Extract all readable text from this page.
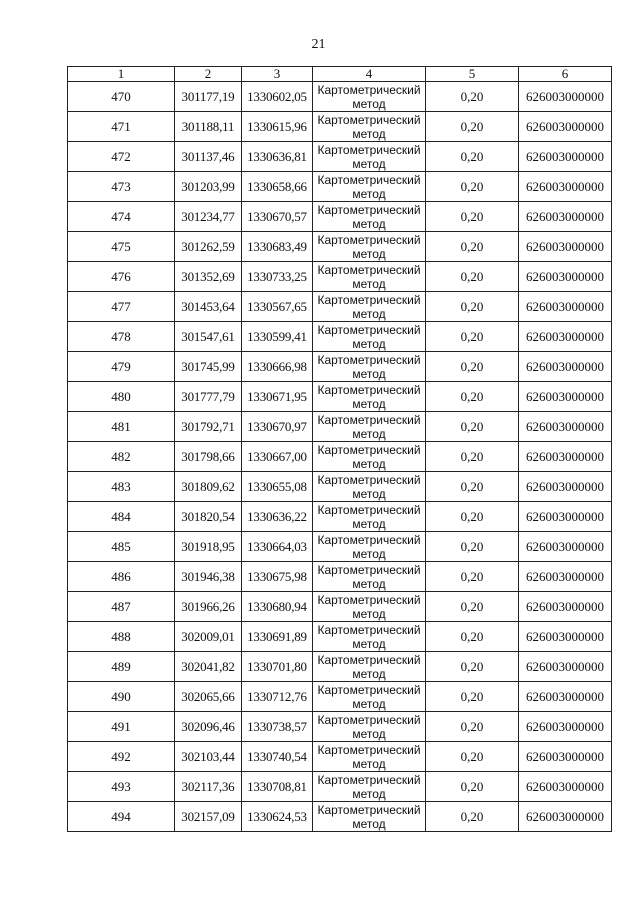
21
1	2	3	4	5	6
470	301177,19	1330602,05	Картометрический метод	0,20	626003000000
471	301188,11	1330615,96	Картометрический метод	0,20	626003000000
472	301137,46	1330636,81	Картометрический метод	0,20	626003000000
473	301203,99	1330658,66	Картометрический метод	0,20	626003000000
474	301234,77	1330670,57	Картометрический метод	0,20	626003000000
475	301262,59	1330683,49	Картометрический метод	0,20	626003000000
476	301352,69	1330733,25	Картометрический метод	0,20	626003000000
477	301453,64	1330567,65	Картометрический метод	0,20	626003000000
478	301547,61	1330599,41	Картометрический метод	0,20	626003000000
479	301745,99	1330666,98	Картометрический метод	0,20	626003000000
480	301777,79	1330671,95	Картометрический метод	0,20	626003000000
481	301792,71	1330670,97	Картометрический метод	0,20	626003000000
482	301798,66	1330667,00	Картометрический метод	0,20	626003000000
483	301809,62	1330655,08	Картометрический метод	0,20	626003000000
484	301820,54	1330636,22	Картометрический метод	0,20	626003000000
485	301918,95	1330664,03	Картометрический метод	0,20	626003000000
486	301946,38	1330675,98	Картометрический метод	0,20	626003000000
487	301966,26	1330680,94	Картометрический метод	0,20	626003000000
488	302009,01	1330691,89	Картометрический метод	0,20	626003000000
489	302041,82	1330701,80	Картометрический метод	0,20	626003000000
490	302065,66	1330712,76	Картометрический метод	0,20	626003000000
491	302096,46	1330738,57	Картометрический метод	0,20	626003000000
492	302103,44	1330740,54	Картометрический метод	0,20	626003000000
493	302117,36	1330708,81	Картометрический метод	0,20	626003000000
494	302157,09	1330624,53	Картометрический метод	0,20	626003000000
